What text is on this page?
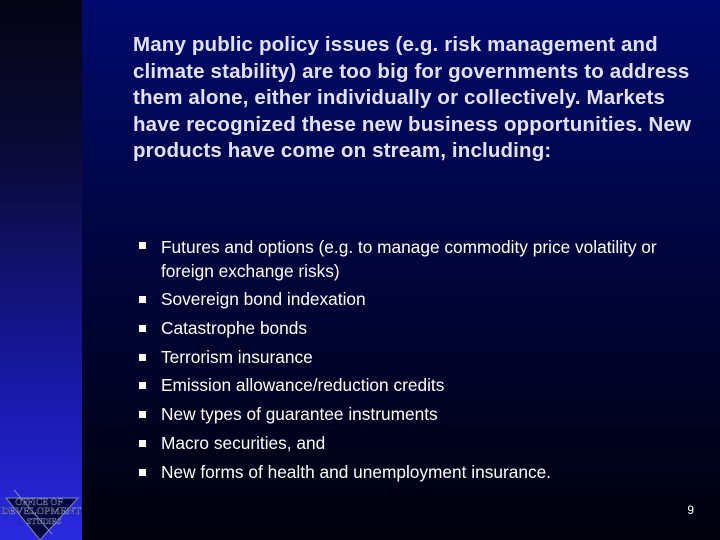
Many public policy issues (e.g. risk management and climate stability) are too big for governments to address them alone, either individually or collectively. Markets have recognized these new business opportunities. New products have come on stream, including:
Futures and options (e.g. to manage commodity price volatility or foreign exchange risks)
Sovereign bond indexation
Catastrophe bonds
Terrorism insurance
Emission allowance/reduction credits
New types of guarantee instruments
Macro securities, and
New forms of health and unemployment insurance.
OFFICE OF
DEVELOPMENT
STUDIES
9
